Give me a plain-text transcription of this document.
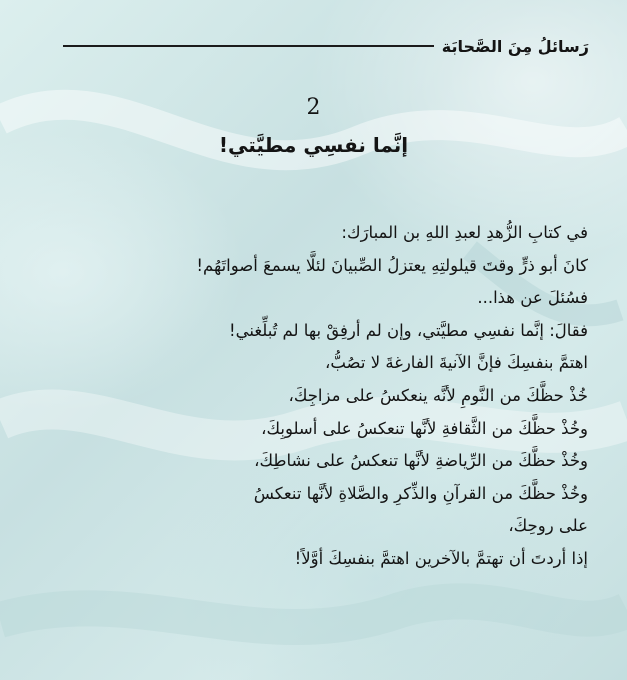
رَسائلُ مِنَ الصَّحابَة
2
إنَّما نفسِي مطيَّتي!
في كتابِ الزُّهدِ لعبدِ اللهِ بن المبارَك:
كانَ أبو ذرٍّ وقتَ قيلولتِهِ يعتزلُ الصِّبيانَ لئلَّا يسمعَ أصواتَهُم!
فسُئلَ عن هذا...
فقالَ: إنَّما نفسِي مطيَّتي، وإن لم أرفِقْ بها لم تُبلِّغني!
اهتمَّ بنفسِكَ فإنَّ الآنيةَ الفارغةَ لا تصُبُّ،
خُذْ حظَّكَ من النَّومِ لأنَّه ينعكسُ على مزاجِكَ،
وخُذْ حظَّكَ من الثَّقافةِ لأنَّها تنعكسُ على أسلوبِكَ،
وخُذْ حظَّكَ من الرِّياضةِ لأنَّها تنعكسُ على نشاطِكَ،
وخُذْ حظَّكَ من القرآنِ والذِّكرِ والصَّلاةِ لأنَّها تنعكسُ
على روحِكَ،
إذا أردتَ أن تهتمَّ بالآخرين اهتمَّ بنفسِكَ أوَّلاً!
